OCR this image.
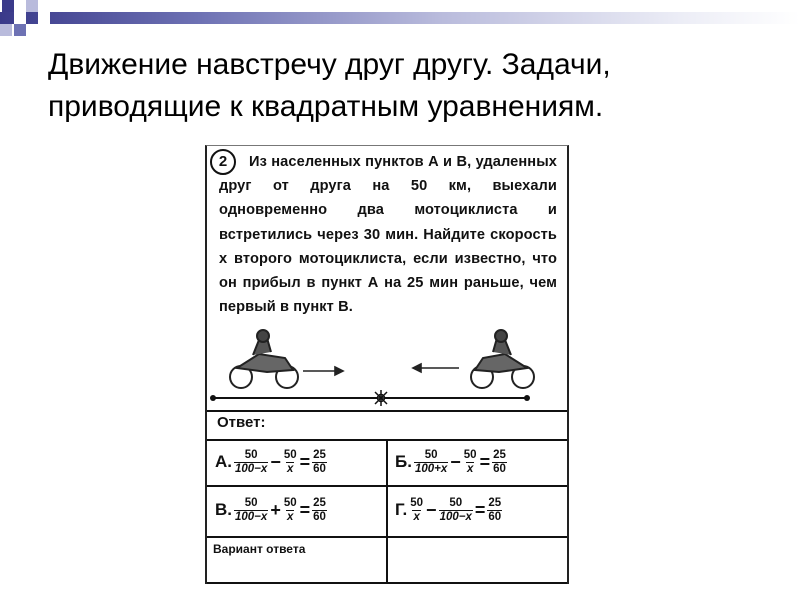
Движение навстречу друг другу. Задачи, приводящие к квадратным уравнениям.
2	Из населенных пунктов А и В, удаленных друг от друга на 50 км, выехали одновременно два мотоциклиста и встретились через 30 мин. Найдите скорость x второго мотоциклиста, если известно, что он прибыл в пункт А на 25 мин раньше, чем первый в пункт В.

Ответ:
А. $\frac{50}{100-x} - \frac{50}{x} = \frac{25}{60}$	Б. $\frac{50}{100+x} - \frac{50}{x} = \frac{25}{60}$
В. $\frac{50}{100-x} + \frac{50}{x} = \frac{25}{60}$	Г. $\frac{50}{x} - \frac{50}{100-x} = \frac{25}{60}$
Вариант ответа
